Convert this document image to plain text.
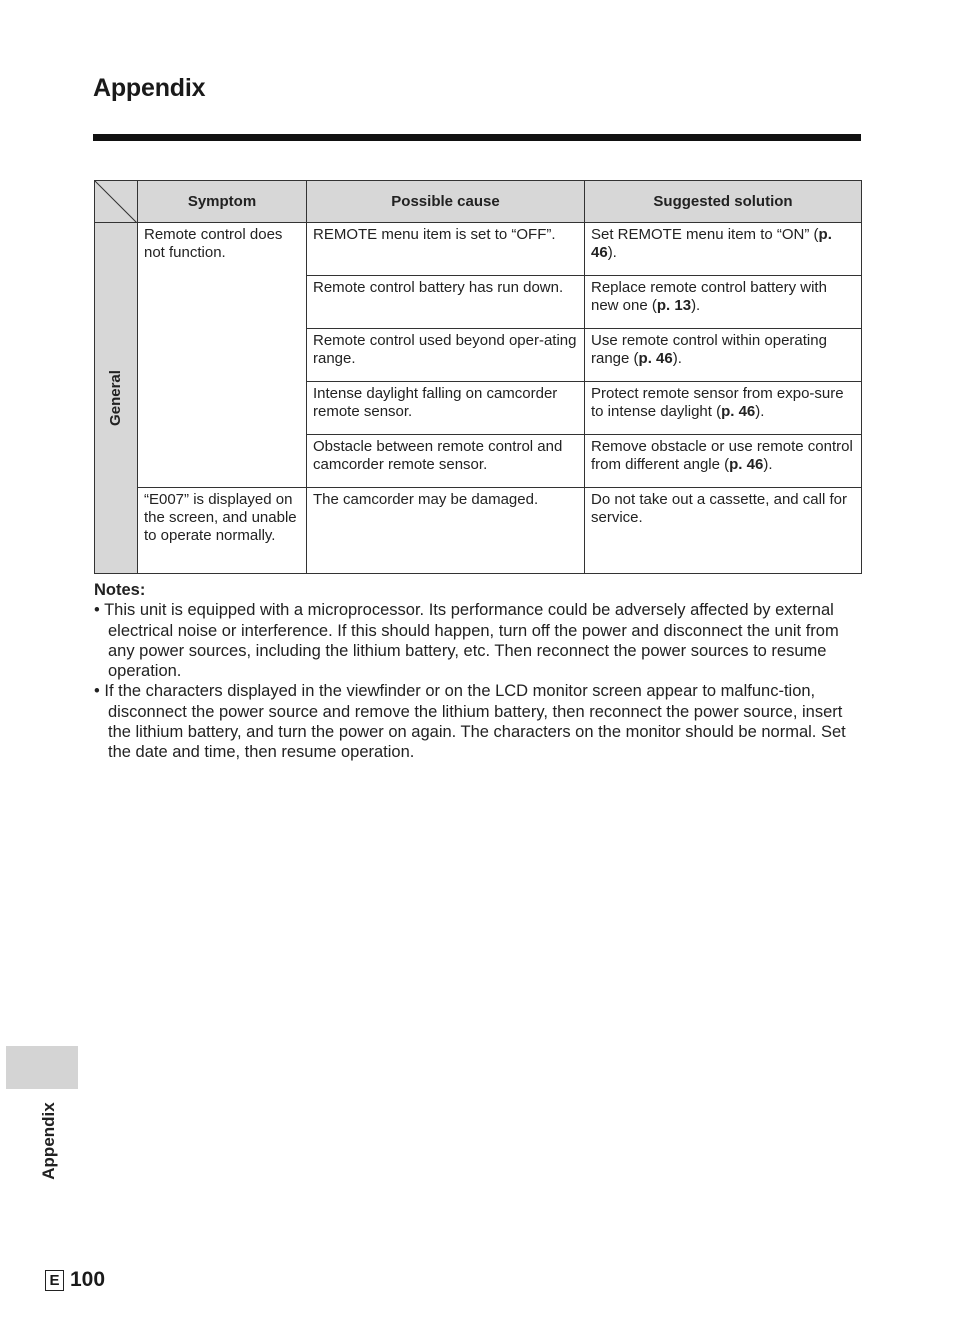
Appendix
	Symptom	Possible cause	Suggested solution

General	Remote control does not function.	REMOTE menu item is set to “OFF”.	Set REMOTE menu item to “ON” (p. 46).
		Remote control battery has run down.	Replace remote control battery with new one (p. 13).
		Remote control used beyond oper-ating range.	Use remote control within operating range (p. 46).
		Intense daylight falling on camcorder remote sensor.	Protect remote sensor from expo-sure to intense daylight (p. 46).
		Obstacle between remote control and camcorder remote sensor.	Remove obstacle or use remote control from different angle (p. 46).
	“E007” is displayed on the screen, and unable to operate normally.	The camcorder may be damaged.	Do not take out a cassette, and call for service.
Notes:
• This unit is equipped with a microprocessor. Its performance could be adversely affected by external electrical noise or interference. If this should happen, turn off the power and disconnect the unit from any power sources, including the lithium battery, etc. Then reconnect the power sources to resume operation.
• If the characters displayed in the viewfinder or on the LCD monitor screen appear to malfunc-tion, disconnect the power source and remove the lithium battery, then reconnect the power source, insert the lithium battery, and turn the power on again. The characters on the monitor should be normal. Set the date and time, then resume operation.
Appendix
E 100
